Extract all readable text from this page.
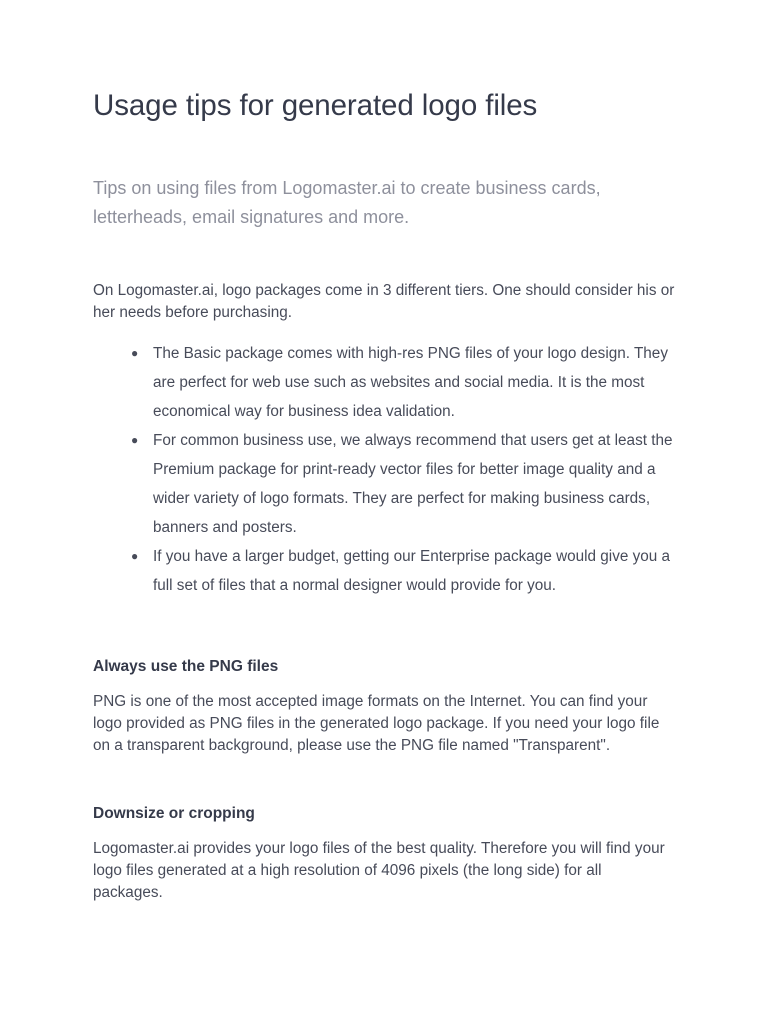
Usage tips for generated logo files

Tips on using files from Logomaster.ai to create business cards, letterheads, email signatures and more.

On Logomaster.ai, logo packages come in 3 different tiers. One should consider his or her needs before purchasing.

● The Basic package comes with high-res PNG files of your logo design. They are perfect for web use such as websites and social media. It is the most economical way for business idea validation.
● For common business use, we always recommend that users get at least the Premium package for print-ready vector files for better image quality and a wider variety of logo formats. They are perfect for making business cards, banners and posters.
● If you have a larger budget, getting our Enterprise package would give you a full set of files that a normal designer would provide for you.
Always use the PNG files

PNG is one of the most accepted image formats on the Internet. You can find your logo provided as PNG files in the generated logo package. If you need your logo file on a transparent background, please use the PNG file named "Transparent".

Downsize or cropping

Logomaster.ai provides your logo files of the best quality. Therefore you will find your logo files generated at a high resolution of 4096 pixels (the long side) for all packages.
